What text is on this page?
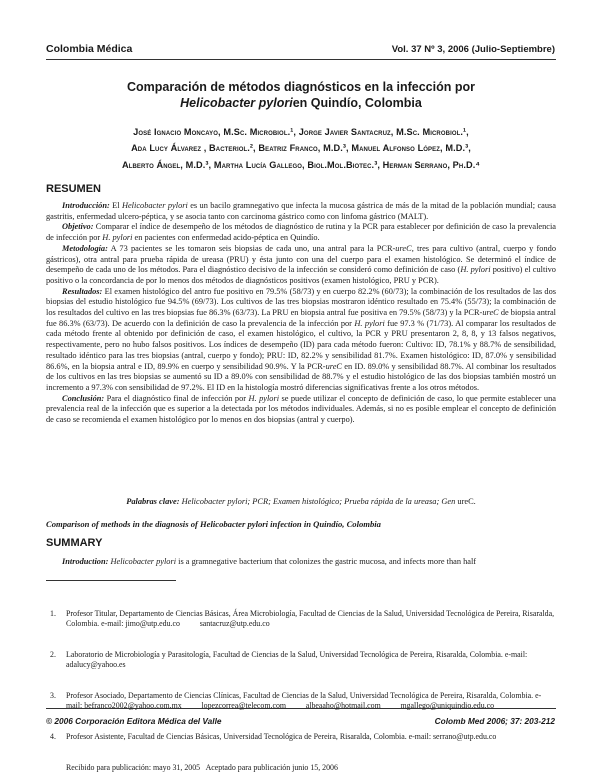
Colombia Médica	Vol. 37 Nº 3, 2006 (Julio-Septiembre)
Comparación de métodos diagnósticos en la infección por
Helicobacter pylorien Quindío, Colombia
José Ignacio Moncayo, M.Sc. Microbiol.¹, Jorge Javier Santacruz, M.Sc. Microbiol.¹,
Ada Lucy Álvarez , Bacteriol.², Beatriz Franco, M.D.³, Manuel Alfonso López, M.D.³,
Alberto Ángel, M.D.³, Martha Lucía Gallego, Biol.Mol.Biotec.³, Herman Serrano, Ph.D.⁴
RESUMEN

Introducción: El Helicobacter pylori es un bacilo gramnegativo que infecta la mucosa gástrica de más de la mitad de la población mundial; causa gastritis, enfermedad ulcero-péptica, y se asocia tanto con carcinoma gástrico como con linfoma gástrico (MALT).

Objetivo: Comparar el índice de desempeño de los métodos de diagnóstico de rutina y la PCR para establecer por definición de caso la prevalencia de infección por H. pylori en pacientes con enfermedad acido-péptica en Quindío.

Metodología: A 73 pacientes se les tomaron seis biopsias de cada uno, una antral para la PCR-ureC, tres para cultivo (antral, cuerpo y fondo gástricos), otra antral para prueba rápida de ureasa (PRU) y ésta junto con una del cuerpo para el examen histológico. Se determinó el índice de desempeño de cada uno de los métodos. Para el diagnóstico decisivo de la infección se consideró como definición de caso (H. pylori positivo) el cultivo positivo o la concordancia de por lo menos dos métodos de diagnósticos positivos (examen histológico, PRU y PCR).

Resultados: El examen histológico del antro fue positivo en 79.5% (58/73) y en cuerpo 82.2% (60/73); la combinación de los resultados de las dos biopsias del estudio histológico fue 94.5% (69/73). Los cultivos de las tres biopsias mostraron idéntico resultado en 75.4% (55/73); la combinación de los resultados del cultivo en las tres biopsias fue 86.3% (63/73). La PRU en biopsia antral fue positiva en 79.5% (58/73) y la PCR-ureC de biopsia antral fue 86.3% (63/73). De acuerdo con la definición de caso la prevalencia de la infección por H. pylori fue 97.3 % (71/73). Al comparar los resultados de cada método frente al obtenido por definición de caso, el examen histológico, el cultivo, la PCR y PRU presentaron 2, 8, 8, y 13 falsos negativos, respectivamente, pero no hubo falsos positivos. Los índices de desempeño (ID) para cada método fueron: Cultivo: ID, 78.1% y 88.7% de sensibilidad, resultado idéntico para las tres biopsias (antral, cuerpo y fondo); PRU: ID, 82.2% y sensibilidad 81.7%. Examen histológico: ID, 87.0% y sensibilidad 86.6%, en la biopsia antral e ID, 89.9% en cuerpo y sensibilidad 90.9%. Y la PCR-ureC en ID. 89.0% y sensibilidad 88.7%. Al combinar los resultados de los cultivos en las tres biopsias se aumentó su ID a 89.0% con sensibilidad de 88.7% y el estudio histológico de las dos biopsias también mostró un incremento a 97.3% con sensibilidad de 97.2%. El ID en la histología mostró diferencias significativas frente a los otros métodos.

Conclusión: Para el diagnóstico final de infección por H. pylori se puede utilizar el concepto de definición de caso, lo que permite establecer una prevalencia real de la infección que es superior a la detectada por los métodos individuales. Además, si no es posible emplear el concepto de definición de caso se recomienda el examen histológico por lo menos en dos biopsias (antral y cuerpo).

Palabras clave: Helicobacter pylori; PCR; Examen histológico; Prueba rápida de la ureasa; Gen ureC.
Comparison of methods in the diagnosis of Helicobacter pylori infection in Quindío, Colombia
SUMMARY

Introduction: Helicobacter pylori is a gramnegative bacterium that colonizes the gastric mucosa, and infects more than half

1.	Profesor Titular, Departamento de Ciencias Básicas, Área Microbiología, Facultad de Ciencias de la Salud, Universidad Tecnológica de Pereira, Risaralda, Colombia. e-mail: jimo@utp.edu.co          santacruz@utp.edu.co

2.	Laboratorio de Microbiología y Parasitología, Facultad de Ciencias de la Salud, Universidad Tecnológica de Pereira, Risaralda, Colombia. e-mail: adalucy@yahoo.es

3.	Profesor Asociado, Departamento de Ciencias Clínicas, Facultad de Ciencias de la Salud, Universidad Tecnológica de Pereira, Risaralda, Colombia. e-mail: befranco2002@yahoo.com.mx          lopezcorrea@telecom.com          albeaaho@hotmail.com          mgallego@uniquindio.edu.co

4.	Profesor Asistente, Facultad de Ciencias Básicas, Universidad Tecnológica de Pereira, Risaralda, Colombia. e-mail: serrano@utp.edu.co

Recibido para publicación: mayo 31, 2005   Aceptado para publicación junio 15, 2006

© 2006 Corporación Editora Médica del Valle	Colomb Med 2006; 37: 203-212
